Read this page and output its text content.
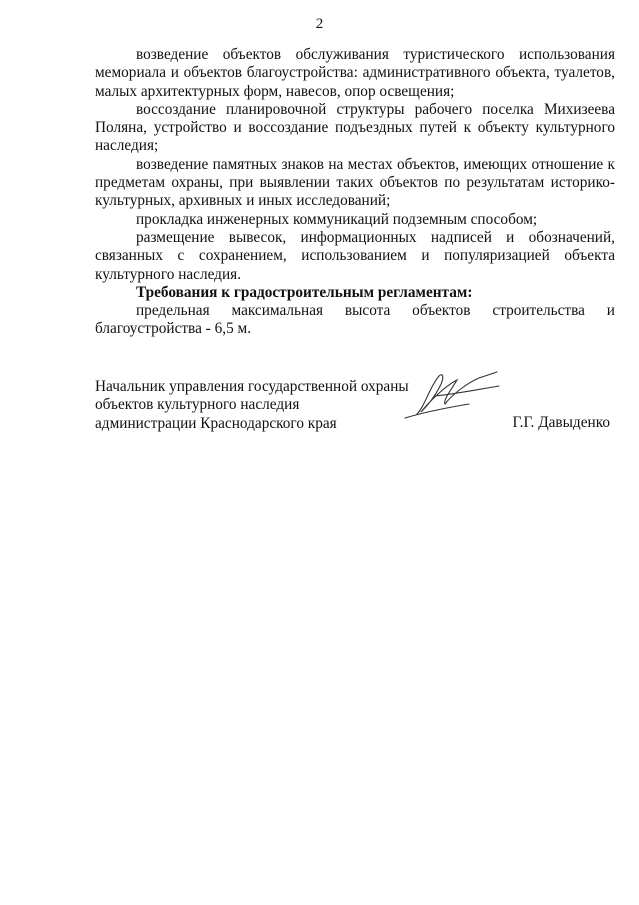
2

возведение объектов обслуживания туристического использования мемориала и объектов благоустройства: административного объекта, туалетов, малых архитектурных форм, навесов, опор освещения;

воссоздание планировочной структуры рабочего поселка Михизеева Поляна, устройство и воссоздание подъездных путей к объекту культурного наследия;

возведение памятных знаков на местах объектов, имеющих отношение к предметам охраны, при выявлении таких объектов по результатам историко-культурных, архивных и иных исследований;

прокладка инженерных коммуникаций подземным способом;

размещение вывесок, информационных надписей и обозначений, связанных с сохранением, использованием и популяризацией объекта культурного наследия.

Требования к градостроительным регламентам:

предельная максимальная высота объектов строительства и благоустройства - 6,5 м.

Начальник управления государственной охраны
объектов культурного наследия
администрации Краснодарского края	Г.Г. Давыденко
